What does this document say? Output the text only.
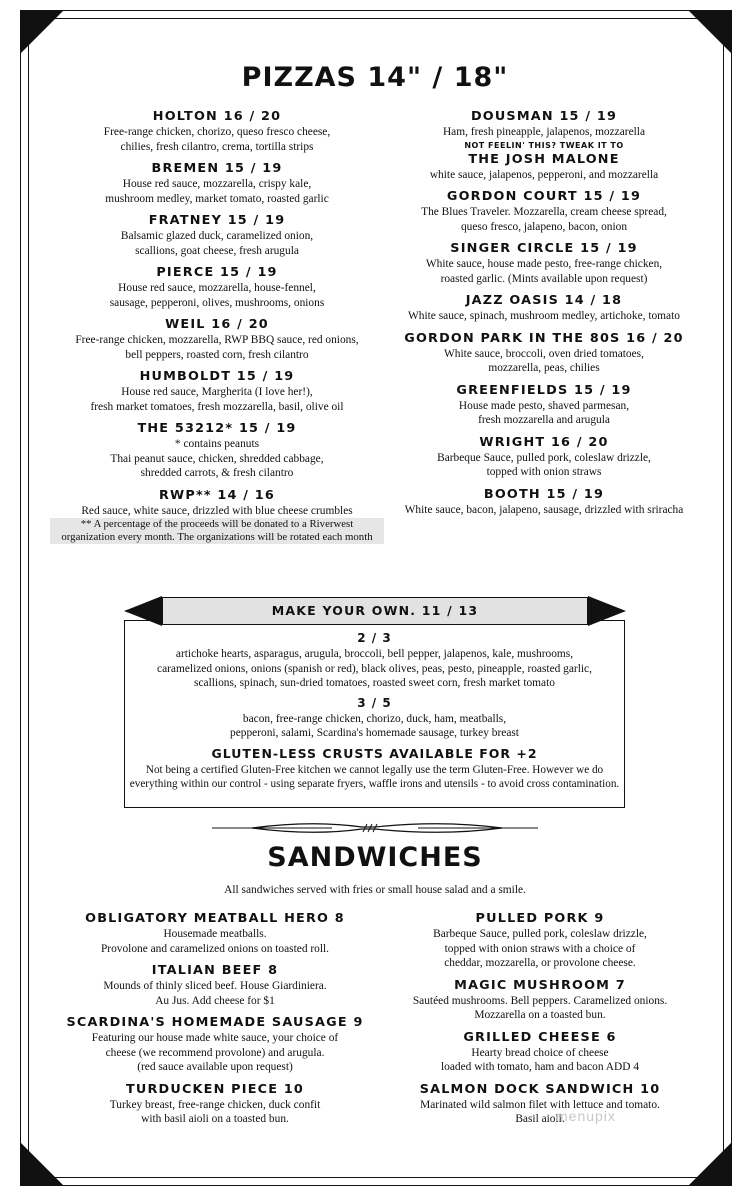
PIZZAS 14" / 18"
HOLTON 16 / 20
Free-range chicken, chorizo, queso fresco cheese,
chilies, fresh cilantro, crema, tortilla strips
BREMEN 15 / 19
House red sauce, mozzarella, crispy kale,
mushroom medley, market tomato, roasted garlic
FRATNEY 15 / 19
Balsamic glazed duck, caramelized onion,
scallions, goat cheese, fresh arugula
PIERCE 15 / 19
House red sauce, mozzarella, house-fennel,
sausage, pepperoni, olives, mushrooms, onions
WEIL 16 / 20
Free-range chicken, mozzarella, RWP BBQ sauce, red onions,
bell peppers, roasted corn, fresh cilantro
HUMBOLDT 15 / 19
House red sauce, Margherita (I love her!),
fresh market tomatoes, fresh mozzarella, basil, olive oil
THE 53212* 15 / 19
* contains peanuts
Thai peanut sauce, chicken, shredded cabbage,
shredded carrots, & fresh cilantro
RWP** 14 / 16
Red sauce, white sauce, drizzled with blue cheese crumbles
** A percentage of the proceeds will be donated to a Riverwest
organization every month. The organizations will be rotated each month
DOUSMAN 15 / 19
Ham, fresh pineapple, jalapenos, mozzarella
NOT FEELIN' THIS? TWEAK IT TO
THE JOSH MALONE
white sauce, jalapenos, pepperoni, and mozzarella
GORDON COURT 15 / 19
The Blues Traveler. Mozzarella, cream cheese spread,
queso fresco, jalapeno, bacon, onion
SINGER CIRCLE 15 / 19
White sauce, house made pesto, free-range chicken,
roasted garlic. (Mints available upon request)
JAZZ OASIS 14 / 18
White sauce, spinach, mushroom medley, artichoke, tomato
GORDON PARK IN THE 80S 16 / 20
White sauce, broccoli, oven dried tomatoes,
mozzarella, peas, chilies
GREENFIELDS 15 / 19
House made pesto, shaved parmesan,
fresh mozzarella and arugula
WRIGHT 16 / 20
Barbeque Sauce, pulled pork, coleslaw drizzle,
topped with onion straws
BOOTH 15 / 19
White sauce, bacon, jalapeno, sausage, drizzled with sriracha
MAKE YOUR OWN. 11 / 13
2 / 3
artichoke hearts, asparagus, arugula, broccoli, bell pepper, jalapenos, kale, mushrooms,
caramelized onions, onions (spanish or red), black olives, peas, pesto, pineapple, roasted garlic,
scallions, spinach, sun-dried tomatoes, roasted sweet corn, fresh market tomato
3 / 5
bacon, free-range chicken, chorizo, duck, ham, meatballs,
pepperoni, salami, Scardina's homemade sausage, turkey breast
GLUTEN-LESS CRUSTS AVAILABLE FOR +2
Not being a certified Gluten-Free kitchen we cannot legally use the term Gluten-Free. However we do
everything within our control - using separate fryers, waffle irons and utensils - to avoid cross contamination.
SANDWICHES
All sandwiches served with fries or small house salad and a smile.
OBLIGATORY MEATBALL HERO 8
Housemade meatballs.
Provolone and caramelized onions on toasted roll.
ITALIAN BEEF 8
Mounds of thinly sliced beef. House Giardiniera.
Au Jus. Add cheese for $1
SCARDINA'S HOMEMADE SAUSAGE 9
Featuring our house made white sauce, your choice of
cheese (we recommend provolone) and arugula.
(red sauce available upon request)
TURDUCKEN PIECE 10
Turkey breast, free-range chicken, duck confit
with basil aioli on a toasted bun.
PULLED PORK 9
Barbeque Sauce, pulled pork, coleslaw drizzle,
topped with onion straws with a choice of
cheddar, mozzarella, or provolone cheese.
MAGIC MUSHROOM 7
Sautéed mushrooms. Bell peppers. Caramelized onions.
Mozzarella on a toasted bun.
GRILLED CHEESE 6
Hearty bread choice of cheese
loaded with tomato, ham and bacon ADD 4
SALMON DOCK SANDWICH 10
Marinated wild salmon filet with lettuce and tomato.
Basil aioli.
menupix
